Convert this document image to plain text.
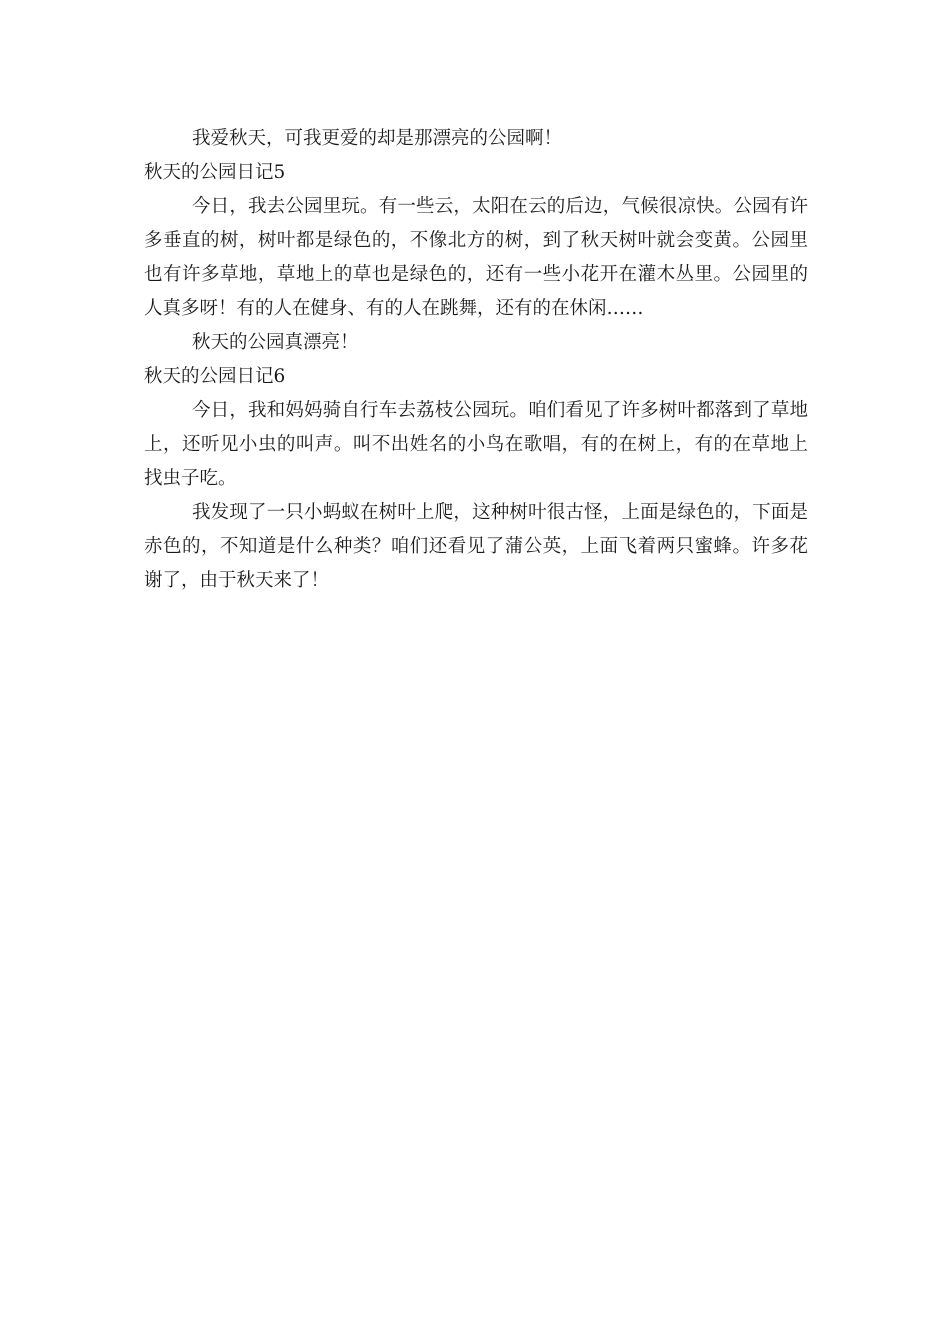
我爱秋天，可我更爱的却是那漂亮的公园啊！

秋天的公园日记5

今日，我去公园里玩。有一些云，太阳在云的后边，气候很凉快。公园有许多垂直的树，树叶都是绿色的，不像北方的树，到了秋天树叶就会变黄。公园里也有许多草地，草地上的草也是绿色的，还有一些小花开在灌木丛里。公园里的人真多呀！有的人在健身、有的人在跳舞，还有的在休闲……

秋天的公园真漂亮！

秋天的公园日记6

今日，我和妈妈骑自行车去荔枝公园玩。咱们看见了许多树叶都落到了草地上，还听见小虫的叫声。叫不出姓名的小鸟在歌唱，有的在树上，有的在草地上找虫子吃。

我发现了一只小蚂蚁在树叶上爬，这种树叶很古怪，上面是绿色的，下面是赤色的，不知道是什么种类？咱们还看见了蒲公英，上面飞着两只蜜蜂。许多花谢了，由于秋天来了！
